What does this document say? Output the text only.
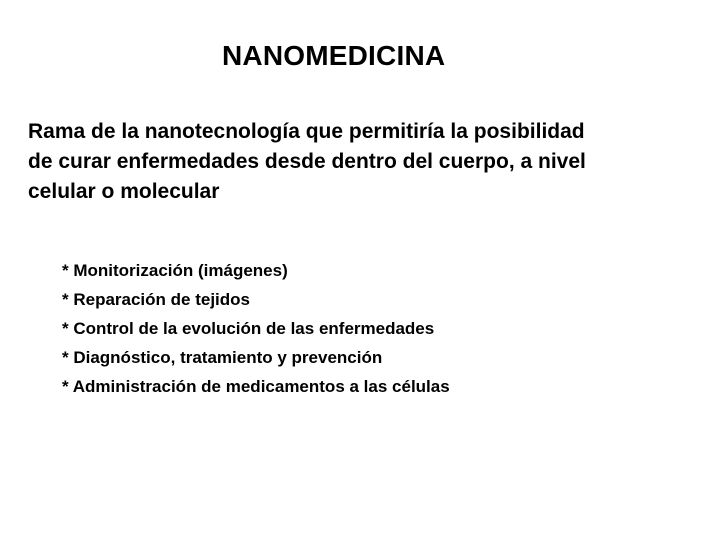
NANOMEDICINA
Rama de la nanotecnología que permitiría la posibilidad
de curar enfermedades desde dentro del cuerpo, a nivel
celular o molecular
* Monitorización (imágenes)
* Reparación de tejidos
* Control de la evolución de las enfermedades
* Diagnóstico, tratamiento y prevención
* Administración de medicamentos a las células
